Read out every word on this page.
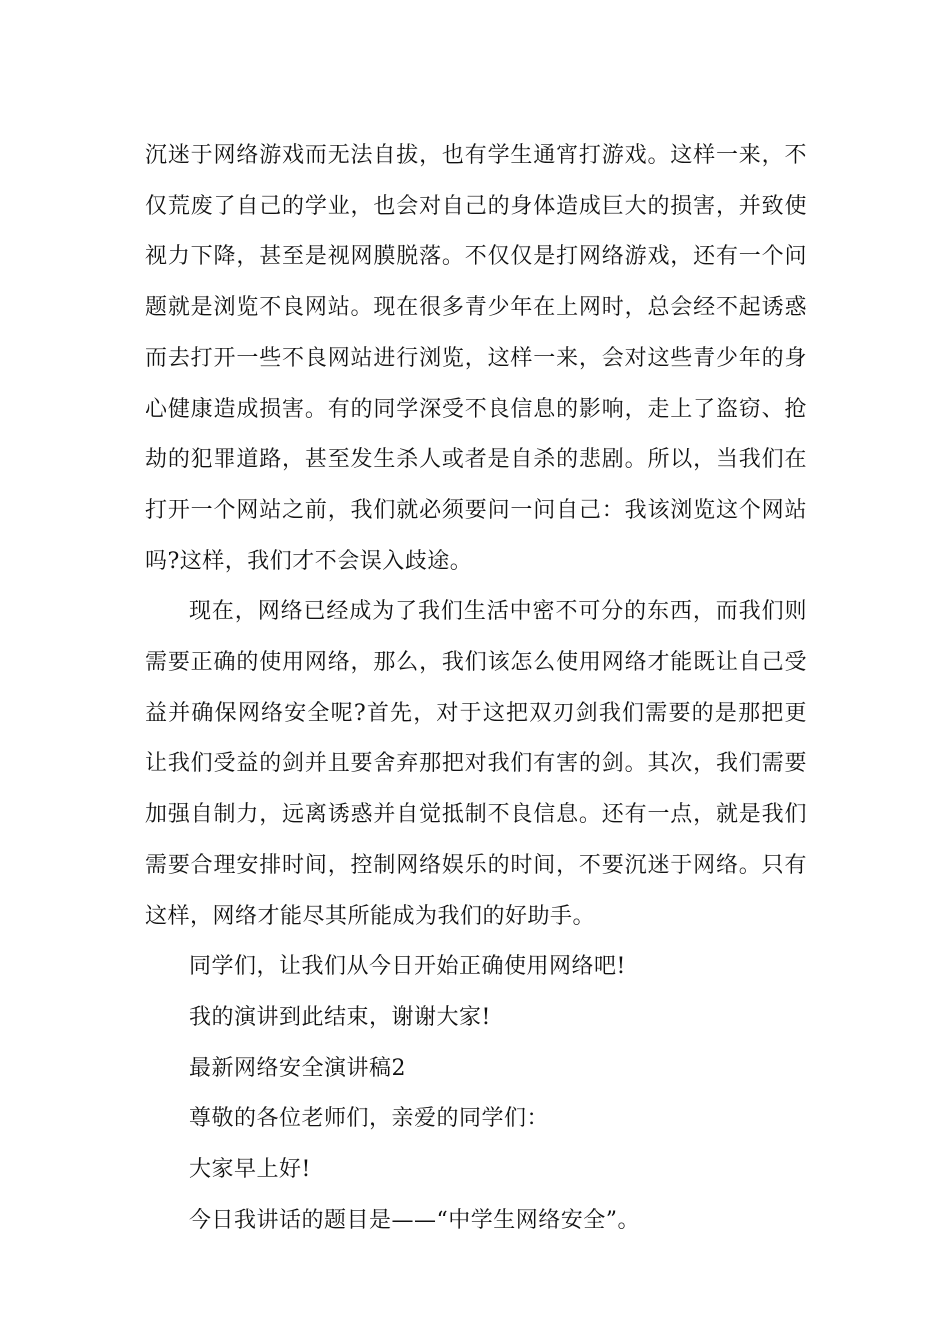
沉迷于网络游戏而无法自拔，也有学生通宵打游戏。这样一来，不仅荒废了自己的学业，也会对自己的身体造成巨大的损害，并致使视力下降，甚至是视网膜脱落。不仅仅是打网络游戏，还有一个问题就是浏览不良网站。现在很多青少年在上网时，总会经不起诱惑而去打开一些不良网站进行浏览，这样一来，会对这些青少年的身心健康造成损害。有的同学深受不良信息的影响，走上了盗窃、抢劫的犯罪道路，甚至发生杀人或者是自杀的悲剧。所以，当我们在打开一个网站之前，我们就必须要问一问自己：我该浏览这个网站吗?这样，我们才不会误入歧途。

现在，网络已经成为了我们生活中密不可分的东西，而我们则需要正确的使用网络，那么，我们该怎么使用网络才能既让自己受益并确保网络安全呢?首先，对于这把双刃剑我们需要的是那把更让我们受益的剑并且要舍弃那把对我们有害的剑。其次，我们需要加强自制力，远离诱惑并自觉抵制不良信息。还有一点，就是我们需要合理安排时间，控制网络娱乐的时间，不要沉迷于网络。只有这样，网络才能尽其所能成为我们的好助手。

同学们，让我们从今日开始正确使用网络吧!

我的演讲到此结束，谢谢大家!

最新网络安全演讲稿2

尊敬的各位老师们，亲爱的同学们：

大家早上好!

今日我讲话的题目是——“中学生网络安全”。
